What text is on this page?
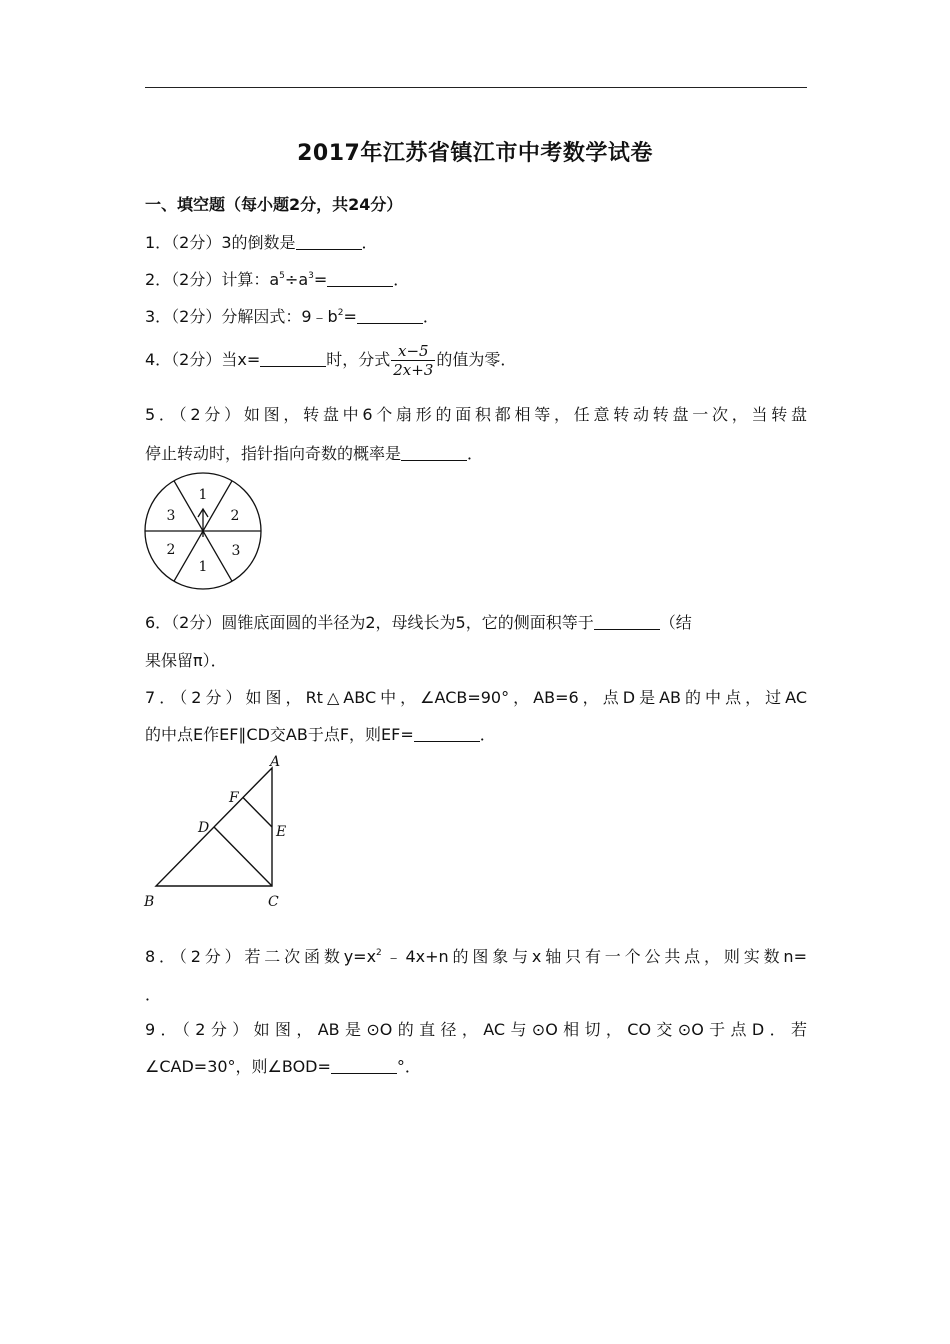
2017年江苏省镇江市中考数学试卷
一、填空题（每小题2分，共24分）
1．（2分）3的倒数是	．
2．（2分）计算：$a^5\div a^3=$	．
3．（2分）分解因式：$9﹣b^2=$	．
4．（2分）当x=	时，分式 $\frac{x-5}{2x+3}$ 的值为零．
5．（2分）如图，转盘中6个扇形的面积都相等，任意转动转盘一次，当转盘
停止转动时，指针指向奇数的概率是	．
1
2
3
1
2
3
6．（2分）圆锥底面圆的半径为2，母线长为5，它的侧面积等于	（结
果保留π）．
7．（2分）如图，Rt△ABC中，∠ACB=90°，AB=6，点D是AB的中点，过AC
的中点E作EF∥CD交AB于点F，则EF=	．
A
B	C
D	E
F
8．（2分）若二次函数$y=x^2﹣4x+n$的图象与x轴只有一个公共点，则实数n=
．
9．（2分）如图，AB是⊙O的直径，AC与⊙O相切，CO交⊙O于点D．若
∠CAD=30°，则∠BOD=	°．
